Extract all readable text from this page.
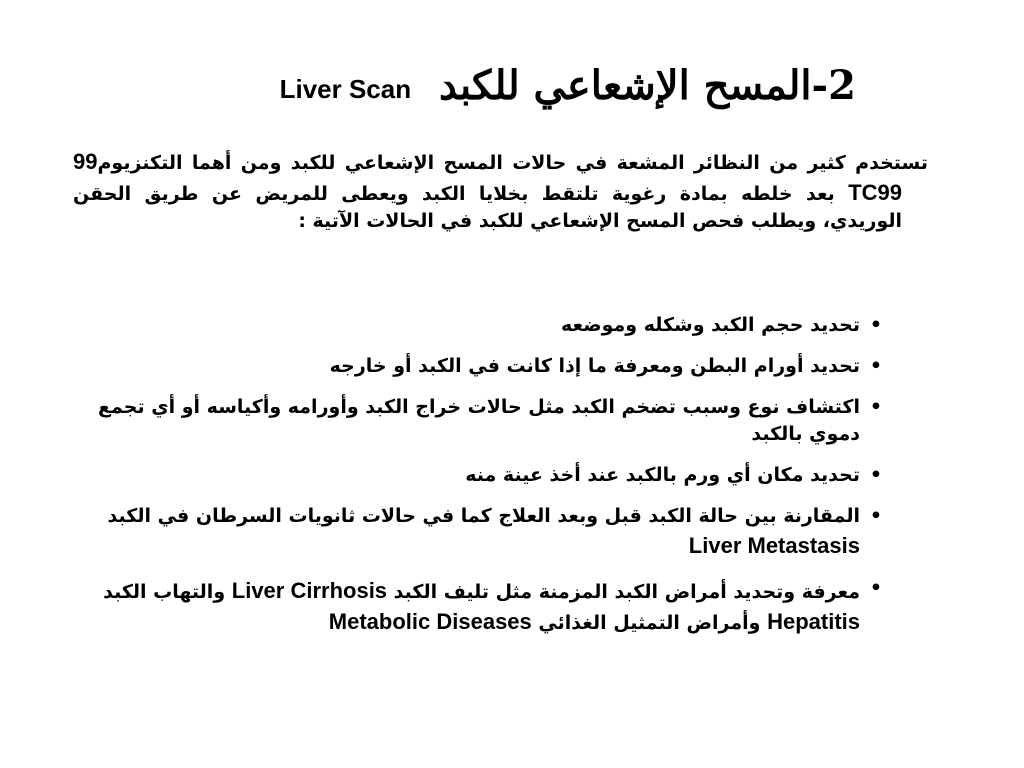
2-المسح الإشعاعي للكبد Liver Scan
تستخدم كثير من النظائر المشعة في حالات المسح الإشعاعي للكبد ومن أهما التكنزيوم99 TC99 بعد خلطه بمادة رغوية تلتقط بخلايا الكبد ويعطى للمريض عن طريق الحقن الوريدي، ويطلب فحص المسح الإشعاعي للكبد في الحالات الآتية :
• تحديد حجم الكبد وشكله وموضعه
• تحديد أورام البطن ومعرفة ما إذا كانت في الكبد أو خارجه
• اكتشاف نوع وسبب تضخم الكبد مثل حالات خراج الكبد وأورامه وأكياسه أو أي تجمع دموي بالكبد
• تحديد مكان أي ورم بالكبد عند أخذ عينة منه
• المقارنة بين حالة الكبد قبل وبعد العلاج كما في حالات ثانويات السرطان في الكبد  Liver Metastasis
• معرفة وتحديد أمراض الكبد المزمنة مثل تليف الكبد Liver Cirrhosis والتهاب الكبد Hepatitis وأمراض التمثيل الغذائي Metabolic Diseases
